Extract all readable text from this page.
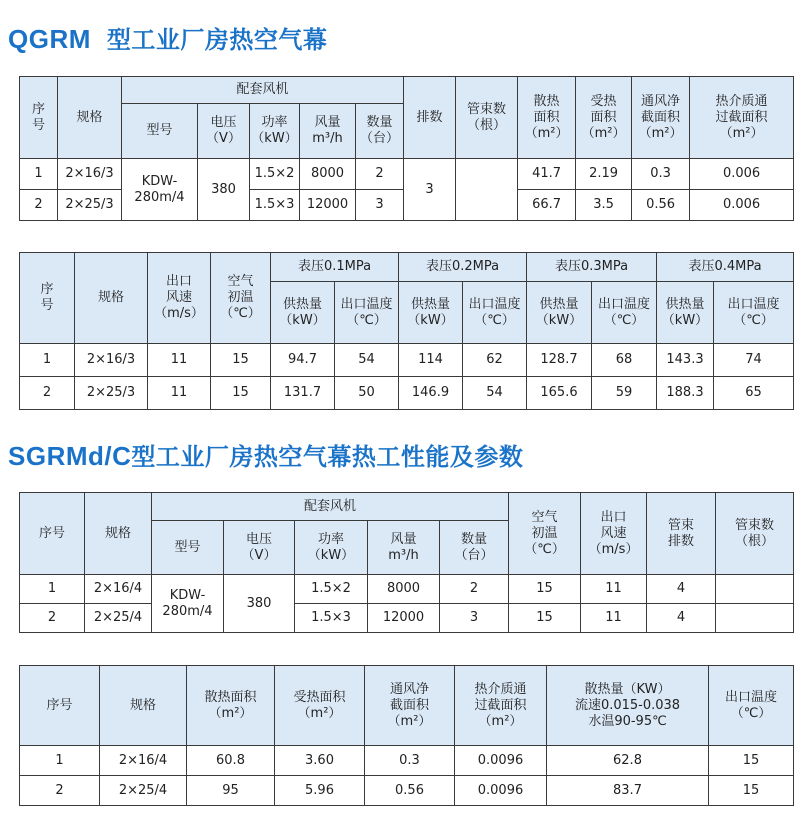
QGRM 型工业厂房热空气幕
序
号	规格	配套风机					排数	管束数
（根）	散热
面积
（m²）	受热
面积
（m²）	通风净
截面积
（m²）	热介质通
过截面积
（m²）
		型号	电压
（V）	功率
（kW）	风量
m³/h	数量
（台）						
1	2×16/3	KDW-
280m/4	380	1.5×2	8000	2	3		41.7	2.19	0.3	0.006
2	2×25/3			1.5×3	12000	3			66.7	3.5	0.56	0.006
序
号	规格	出口
风速
（m/s）	空气
初温
（℃）	表压0.1MPa		表压0.2MPa		表压0.3MPa		表压0.4MPa	
				供热量
（kW）	出口温度
（℃）	供热量
（kW）	出口温度
（℃）	供热量
（kW）	出口温度
（℃）	供热量
（kW）	出口温度
（℃）
1	2×16/3	11	15	94.7	54	114	62	128.7	68	143.3	74
2	2×25/3	11	15	131.7	50	146.9	54	165.6	59	188.3	65
SGRMd/C型工业厂房热空气幕热工性能及参数
序号	规格	配套风机					空气
初温
（℃）	出口
风速
（m/s）	管束
排数	管束数
（根）
		型号	电压
（V）	功率
（kW）	风量
m³/h	数量
（台）				
1	2×16/4	KDW-
280m/4	380	1.5×2	8000	2	15	11	4	
2	2×25/4			1.5×3	12000	3	15	11	4	
序号	规格	散热面积
（m²）	受热面积
（m²）	通风净
截面积
（m²）	热介质通
过截面积
（m²）	散热量（KW）
流速0.015-0.038
水温90-95℃	出口温度
（℃）
1	2×16/4	60.8	3.60	0.3	0.0096	62.8	15
2	2×25/4	95	5.96	0.56	0.0096	83.7	15
